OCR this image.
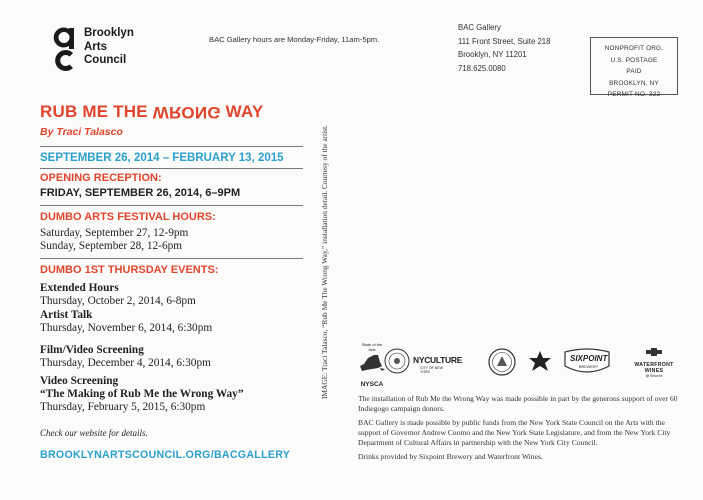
Brooklyn
Arts
Council
BAC Gallery hours are Monday-Friday, 11am-5pm.
BAC Gallery
111 Front Street, Suite 218
Brooklyn, NY 11201
718.625.0080
NONPROFIT ORG.
U.S. POSTAGE
PAID
BROOKLYN, NY
PERMIT NO. 322
RUB ME THE WRONG WAY
By Traci Talasco
SEPTEMBER 26, 2014 – FEBRUARY 13, 2015
OPENING RECEPTION:
FRIDAY, SEPTEMBER 26, 2014, 6–9PM
DUMBO ARTS FESTIVAL HOURS:
Saturday, September 27, 12-9pm
Sunday, September 28, 12-6pm
DUMBO 1ST THURSDAY EVENTS:
Extended Hours
Thursday, October 2, 2014, 6-8pm
Artist Talk
Thursday, November 6, 2014, 6:30pm
Film/Video Screening
Thursday, December 4, 2014, 6:30pm
Video Screening
“The Making of Rub Me the Wrong Way”
Thursday, February 5, 2015, 6:30pm
Check our website for details.
BROOKLYNARTSCOUNCIL.ORG/BACGALLERY
IMAGE: Traci Talasco, “Rub Me The Wrong Way,” installation detail. Courtesy of the artist.	State of the Arts
NYSCA
NYCULTURE
CITY OF NEW YORK
SIXPOINT
BREWERY	WATERFRONT
WINES
@ Smorrie
The installation of Rub Me the Wrong Way was made possible in part by the generous support of over 60 Indiegogo campaign donors.
BAC Gallery is made possible by public funds from the New York State Council on the Arts with the support of Governor Andrew Cuomo and the New York State Legislature, and from the New York City Department of Cultural Affairs in partnership with the New York City Council.
Drinks provided by Sixpoint Brewery and Waterfront Wines.
